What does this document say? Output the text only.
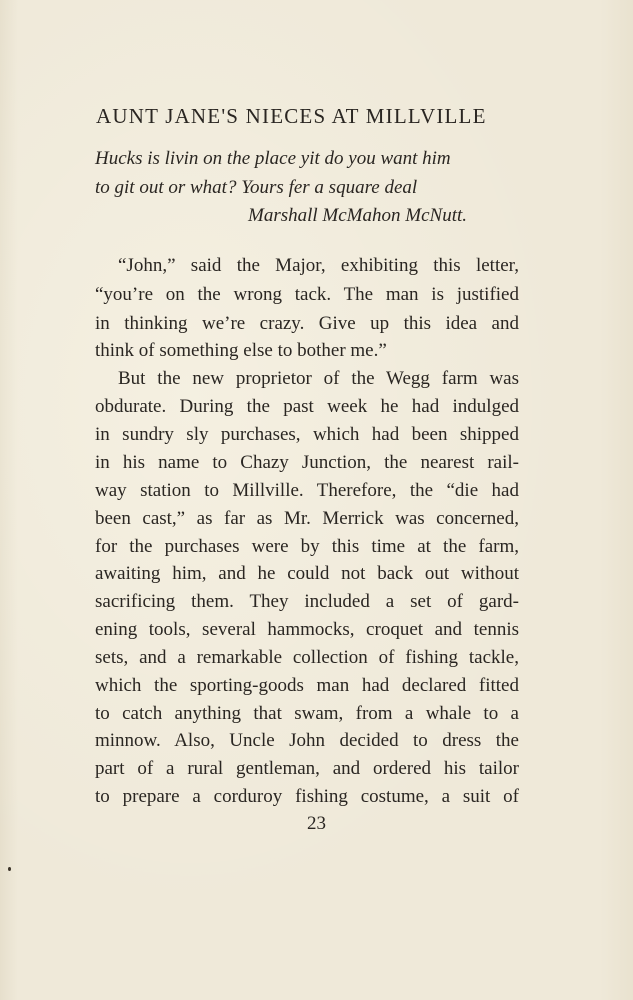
AUNT JANE'S NIECES AT MILLVILLE
Hucks is livin on the place yit do you want him
to git out or what? Yours fer a square deal
Marshall McMahon McNutt.
“John,” said the Major, exhibiting this letter,
“you’re on the wrong tack. The man is justified
in thinking we’re crazy. Give up this idea and
think of something else to bother me.”
But the new proprietor of the Wegg farm was
obdurate. During the past week he had indulged
in sundry sly purchases, which had been shipped
in his name to Chazy Junction, the nearest rail-
way station to Millville. Therefore, the “die had
been cast,” as far as Mr. Merrick was concerned,
for the purchases were by this time at the farm,
awaiting him, and he could not back out without
sacrificing them. They included a set of gard-
ening tools, several hammocks, croquet and tennis
sets, and a remarkable collection of fishing tackle,
which the sporting-goods man had declared fitted
to catch anything that swam, from a whale to a
minnow. Also, Uncle John decided to dress the
part of a rural gentleman, and ordered his tailor
to prepare a corduroy fishing costume, a suit of
23
